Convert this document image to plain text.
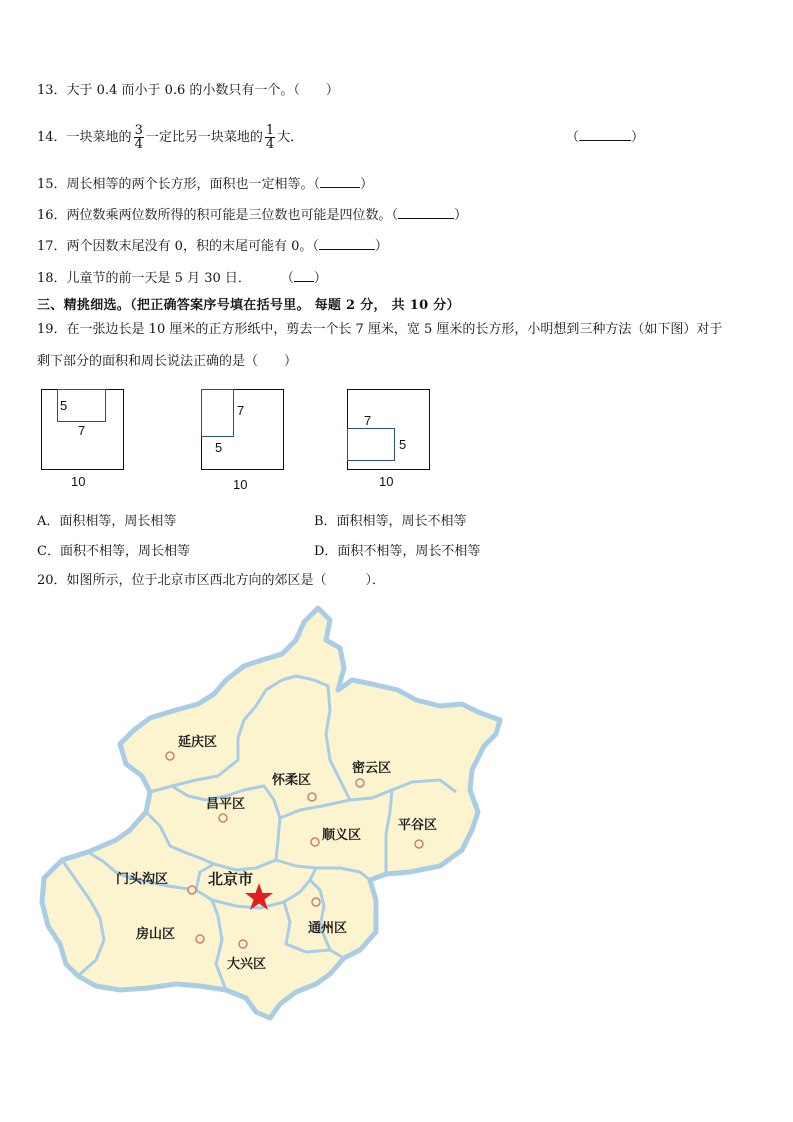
13．大于 0.4 而小于 0.6 的小数只有一个。（　　）
14．一块菜地的 $\frac{3}{4}$ 一定比另一块菜地的 $\frac{1}{4}$ 大．	（	）
15．周长相等的两个长方形，面积也一定相等。（	）
16．两位数乘两位数所得的积可能是三位数也可能是四位数。（	）
17．两个因数末尾没有 0，积的末尾可能有 0。（	）
18．儿童节的前一天是 5 月 30 日． （ ）
三、精挑细选。（把正确答案序号填在括号里。 每题 2 分， 共 10 分）
19．在一张边长是 10 厘米的正方形纸中，剪去一个长 7 厘米，宽 5 厘米的长方形，小明想到三种方法（如下图）对于
剩下部分的面积和周长说法正确的是（　　）
5
7
10
7
5
10
7
5
10
A．面积相等，周长相等	B．面积相等，周长不相等
C．面积不相等，周长相等	D．面积不相等，周长不相等
20．如图所示，位于北京市区西北方向的郊区是（　　　）．
延庆区
怀柔区
密云区
昌平区
顺义区
平谷区
门头沟区	北京市
房山区	通州区
大兴区
